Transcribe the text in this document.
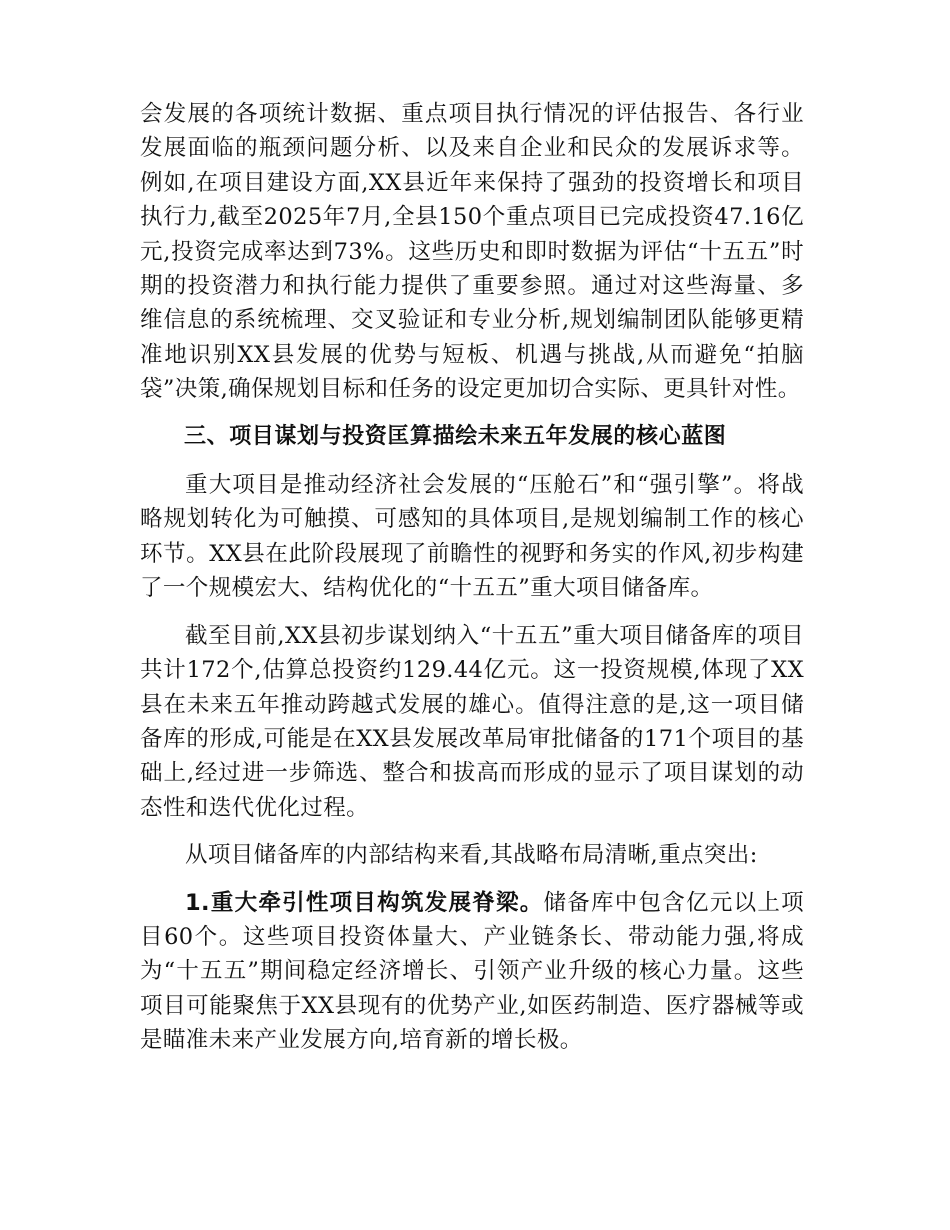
会发展的各项统计数据、重点项目执行情况的评估报告、各行业发展面临的瓶颈问题分析、以及来自企业和民众的发展诉求等。例如,在项目建设方面,XX县近年来保持了强劲的投资增长和项目执行力,截至2025年7月,全县150个重点项目已完成投资47.16亿元,投资完成率达到73%。这些历史和即时数据为评估“十五五”时期的投资潜力和执行能力提供了重要参照。通过对这些海量、多维信息的系统梳理、交叉验证和专业分析,规划编制团队能够更精准地识别XX县发展的优势与短板、机遇与挑战,从而避免“拍脑袋”决策,确保规划目标和任务的设定更加切合实际、更具针对性。

三、项目谋划与投资匡算描绘未来五年发展的核心蓝图

重大项目是推动经济社会发展的“压舱石”和“强引擎”。将战略规划转化为可触摸、可感知的具体项目,是规划编制工作的核心环节。XX县在此阶段展现了前瞻性的视野和务实的作风,初步构建了一个规模宏大、结构优化的“十五五”重大项目储备库。

截至目前,XX县初步谋划纳入“十五五”重大项目储备库的项目共计172个,估算总投资约129.44亿元。这一投资规模,体现了XX县在未来五年推动跨越式发展的雄心。值得注意的是,这一项目储备库的形成,可能是在XX县发展改革局审批储备的171个项目的基础上,经过进一步筛选、整合和拔高而形成的显示了项目谋划的动态性和迭代优化过程。

从项目储备库的内部结构来看,其战略布局清晰,重点突出:

1.重大牵引性项目构筑发展脊梁。储备库中包含亿元以上项目60个。这些项目投资体量大、产业链条长、带动能力强,将成为“十五五”期间稳定经济增长、引领产业升级的核心力量。这些项目可能聚焦于XX县现有的优势产业,如医药制造、医疗器械等或是瞄准未来产业发展方向,培育新的增长极。
